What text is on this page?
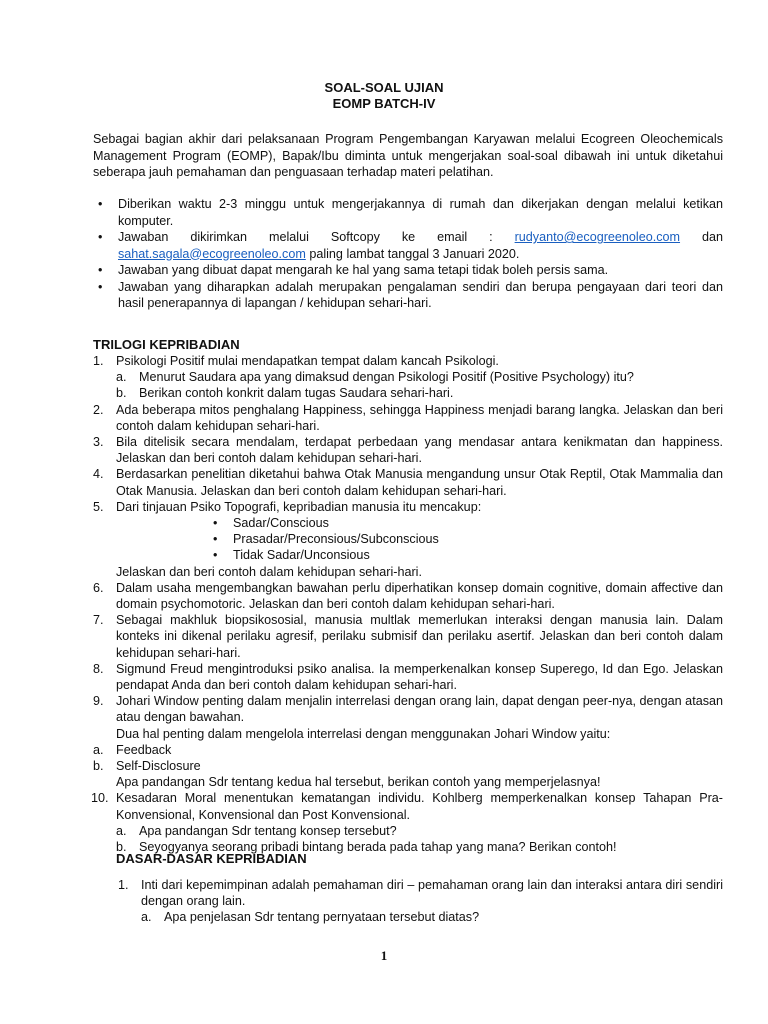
SOAL-SOAL UJIAN
EOMP BATCH-IV

Sebagai bagian akhir dari pelaksanaan Program Pengembangan Karyawan melalui Ecogreen Oleochemicals Management Program (EOMP), Bapak/Ibu diminta untuk mengerjakan soal-soal dibawah ini untuk diketahui seberapa jauh pemahaman dan penguasaan terhadap materi pelatihan.

• Diberikan waktu 2-3 minggu untuk mengerjakannya di rumah dan dikerjakan dengan melalui ketikan komputer.
• Jawaban dikirimkan melalui Softcopy ke email : rudyanto@ecogreenoleo.com dan sahat.sagala@ecogreenoleo.com paling lambat tanggal 3 Januari 2020.
• Jawaban yang dibuat dapat mengarah ke hal yang sama tetapi tidak boleh persis sama.
• Jawaban yang diharapkan adalah merupakan pengalaman sendiri dan berupa pengayaan dari teori dan hasil penerapannya di lapangan / kehidupan sehari-hari.
TRILOGI KEPRIBADIAN
1. Psikologi Positif mulai mendapatkan tempat dalam kancah Psikologi.
a. Menurut Saudara apa yang dimaksud dengan Psikologi Positif (Positive Psychology) itu?
b. Berikan contoh konkrit dalam tugas Saudara sehari-hari.
2. Ada beberapa mitos penghalang Happiness, sehingga Happiness menjadi barang langka. Jelaskan dan beri contoh dalam kehidupan sehari-hari.
3. Bila ditelisik secara mendalam, terdapat perbedaan yang mendasar antara kenikmatan dan happiness. Jelaskan dan beri contoh dalam kehidupan sehari-hari.
4. Berdasarkan penelitian diketahui bahwa Otak Manusia mengandung unsur Otak Reptil, Otak Mammalia dan Otak Manusia. Jelaskan dan beri contoh dalam kehidupan sehari-hari.
5. Dari tinjauan Psiko Topografi, kepribadian manusia itu mencakup:
• Sadar/Conscious
• Prasadar/Preconsious/Subconscious
• Tidak Sadar/Unconsious
Jelaskan dan beri contoh dalam kehidupan sehari-hari.
6. Dalam usaha mengembangkan bawahan perlu diperhatikan konsep domain cognitive, domain affective dan domain psychomotoric. Jelaskan dan beri contoh dalam kehidupan sehari-hari.
7. Sebagai makhluk biopsikososial, manusia multlak memerlukan interaksi dengan manusia lain. Dalam konteks ini dikenal perilaku agresif, perilaku submisif dan perilaku asertif. Jelaskan dan beri contoh dalam kehidupan sehari-hari.
8. Sigmund Freud mengintroduksi psiko analisa. Ia memperkenalkan konsep Superego, Id dan Ego. Jelaskan pendapat Anda dan beri contoh dalam kehidupan sehari-hari.
9. Johari Window penting dalam menjalin interrelasi dengan orang lain, dapat dengan peer-nya, dengan atasan atau dengan bawahan.
Dua hal penting dalam mengelola interrelasi dengan menggunakan Johari Window yaitu:
a. Feedback
b. Self-Disclosure
Apa pandangan Sdr tentang kedua hal tersebut, berikan contoh yang memperjelasnya!
10. Kesadaran Moral menentukan kematangan individu. Kohlberg memperkenalkan konsep Tahapan Pra-Konvensional, Konvensional dan Post Konvensional.
a. Apa pandangan Sdr tentang konsep tersebut?
b. Seyogyanya seorang pribadi bintang berada pada tahap yang mana? Berikan contoh!
DASAR-DASAR KEPRIBADIAN
1. Inti dari kepemimpinan adalah pemahaman diri – pemahaman orang lain dan interaksi antara diri sendiri dengan orang lain.
a. Apa penjelasan Sdr tentang pernyataan tersebut diatas?
1
